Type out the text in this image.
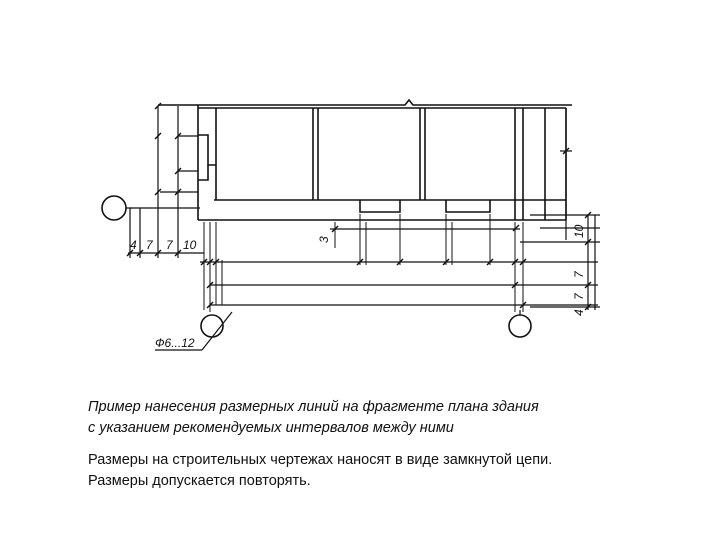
4 7 7 10	3
10
7
7
4
Ф6...12
Пример нанесения размерных линий на фрагменте плана здания
с указанием рекомендуемых интервалов между ними
Размеры на строительных чертежах наносят в виде замкнутой цепи.
Размеры допускается повторять.
